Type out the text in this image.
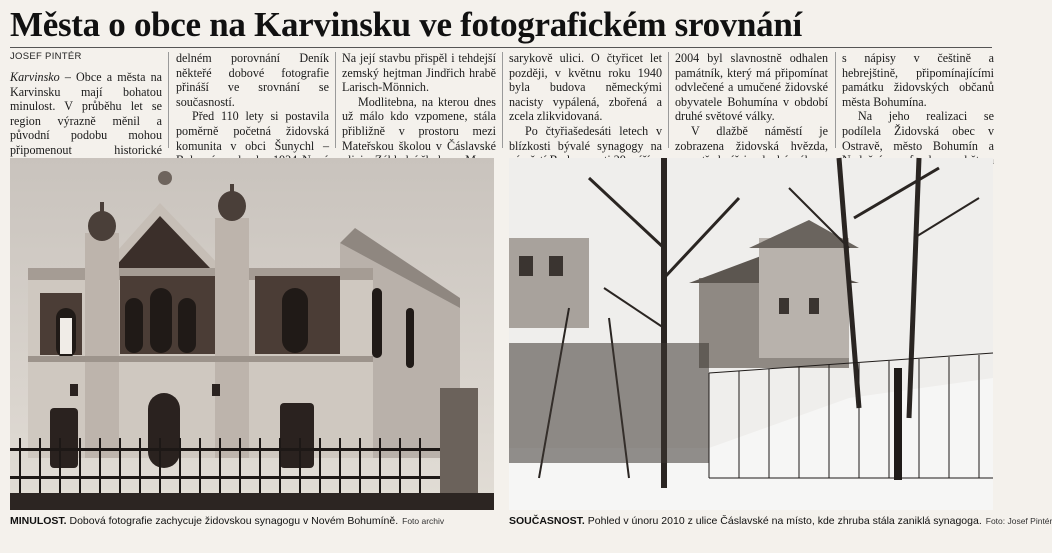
Města o obce na Karvinsku ve fotografickém srovnání
JOSEF PINTÉR

Karvinsko – Obce a města na Karvinsku mají bohatou minulost. V průběhu let se region výrazně měnil a původní podobu mohou připomenout historické

delném porovnání Deník někteřé dobové fotografie přináší ve srovnání se současností.

Před 110 lety si postavila poměrně početná židovská komunita v obci Šunychl –

Na její stavbu přispěl i tehdejší zemský hejtman Jindřich hrabě Larisch-Mönnich.

Modlitebna, na kterou dnes už málo kdo vzpomene, stála přibližně v prostoru mezi Mateřskou školou v Čáslavské

sarykově ulici. O čtyřicet let později, v květnu roku 1940 byla budova německými nacisty vypálená, zbořená a zcela zlikvidovaná.

Po čtyřiašedesáti letech v blízkosti bývalé synagogy na

2004 byl slavnostně odhalen památník, který má připomínat odvlečené a umučené židovské obyvatele Bohumína v období druhé světové války.

V dlažbě náměstí je zobrazena židovská hvězda,

s nápisy v češtině a hebrejštině, připomínajícími památku židovských občanů města Bohumína.

Na jeho realizaci se podílela Židovská obec v Ostravě, město Bohumín a

MINULOST. Dobová fotografie zachycuje židovskou synagogu v Novém Bohumíně. Foto archiv	SOUČASNOST. Pohled v únoru 2010 z ulice Čáslavské na místo, kde zhruba stála zaniklá synagoga. Foto: Josef Pintér
